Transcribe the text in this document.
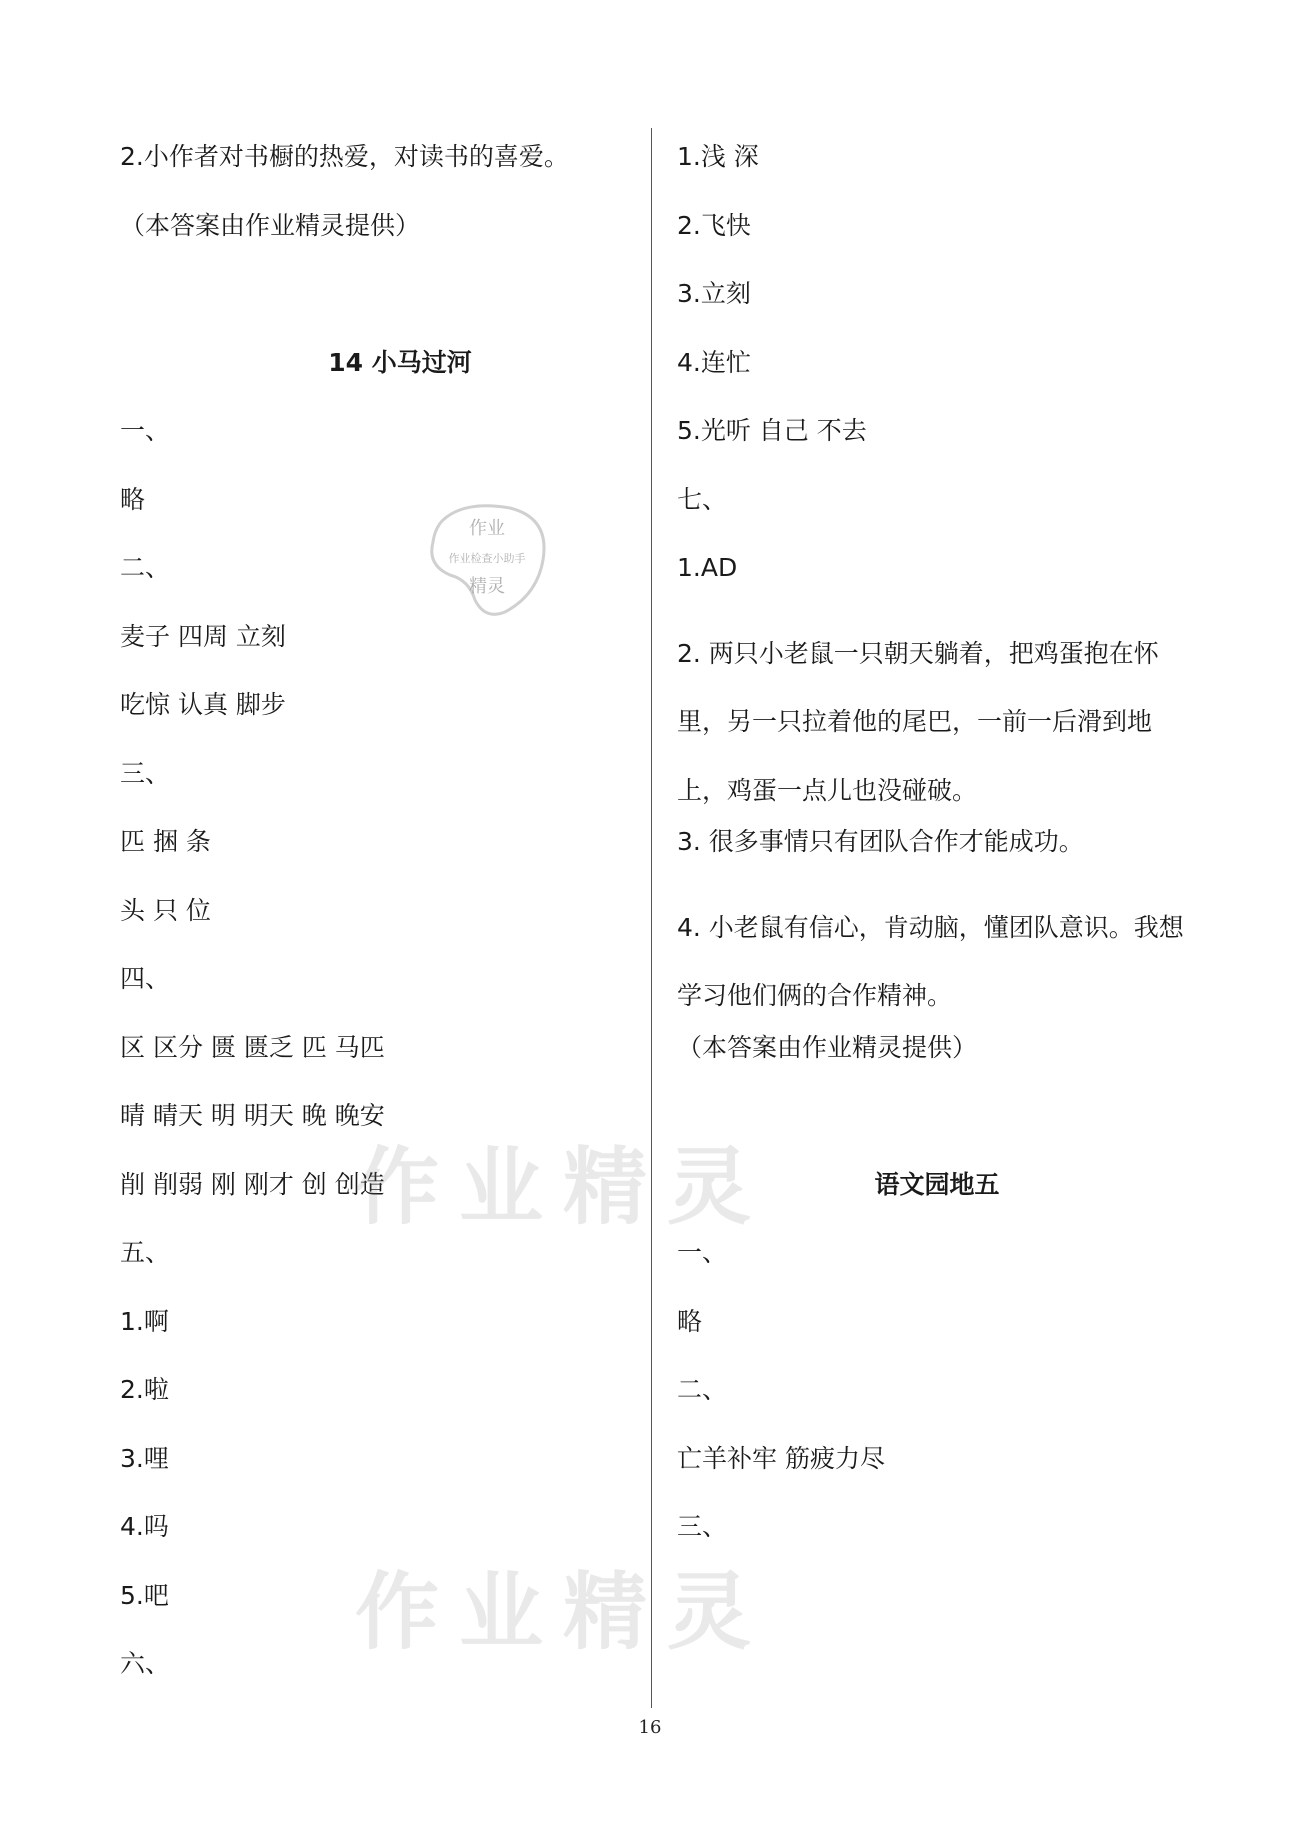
2.小作者对书橱的热爱，对读书的喜爱。
（本答案由作业精灵提供）
14 小马过河
一、
略
二、
麦子 四周 立刻
吃惊 认真 脚步
三、
匹 捆 条
头 只 位
四、
区 区分 匮 匮乏 匹 马匹
晴 晴天 明 明天 晚 晚安
削 削弱 刚 刚才 创 创造
五、
1.啊
2.啦
3.哩
4.吗
5.吧
六、
1.浅 深
2.飞快
3.立刻
4.连忙
5.光听 自己 不去
七、
1.AD
2. 两只小老鼠一只朝天躺着，把鸡蛋抱在怀里，另一只拉着他的尾巴，一前一后滑到地上，鸡蛋一点儿也没碰破。
3. 很多事情只有团队合作才能成功。
4. 小老鼠有信心，肯动脑，懂团队意识。我想学习他们俩的合作精神。
（本答案由作业精灵提供）
语文园地五
一、
略
二、
亡羊补牢 筋疲力尽
三、
作业精灵
作业精灵
作业
作业检查小助手
精灵
16
